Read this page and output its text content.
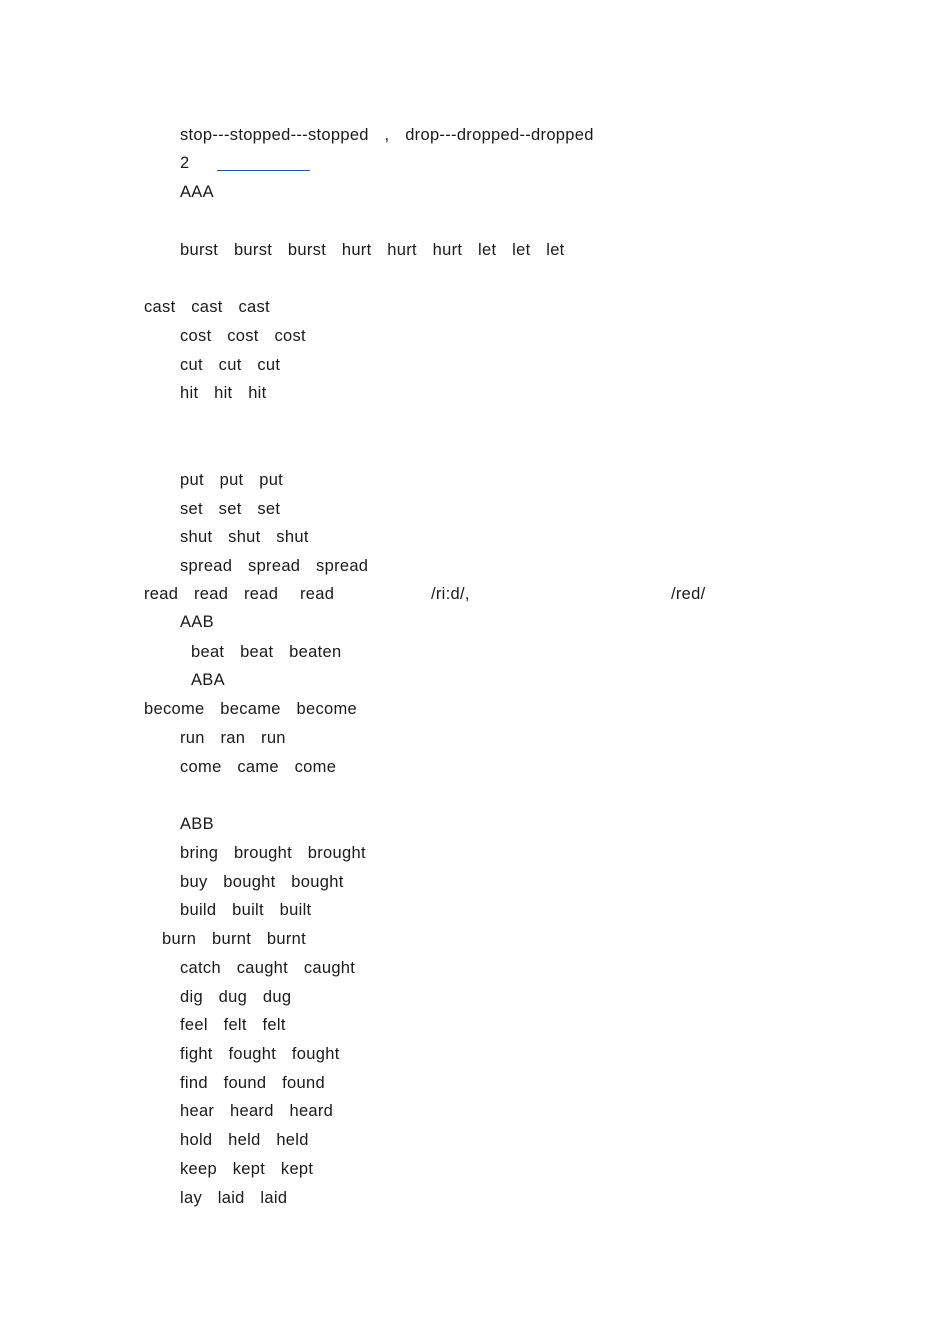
stop---stopped---stopped  ,  drop---dropped--dropped
2
AAA
burst  burst  burst  hurt  hurt  hurt  let  let  let
cast  cast  cast
cost  cost  cost
cut  cut  cut
hit  hit  hit
put  put  put
set  set  set
shut  shut  shut
spread  spread  spread
read  read  read read	/ri:d/,	/red/
AAB
beat  beat  beaten
ABA
become  became  become
run  ran  run
come  came  come
ABB
bring  brought  brought
buy  bought  bought
build  built  built
burn  burnt  burnt
catch  caught  caught
dig  dug  dug
feel  felt  felt
fight  fought  fought
find  found  found
hear  heard  heard
hold  held  held
keep  kept  kept
lay  laid  laid
